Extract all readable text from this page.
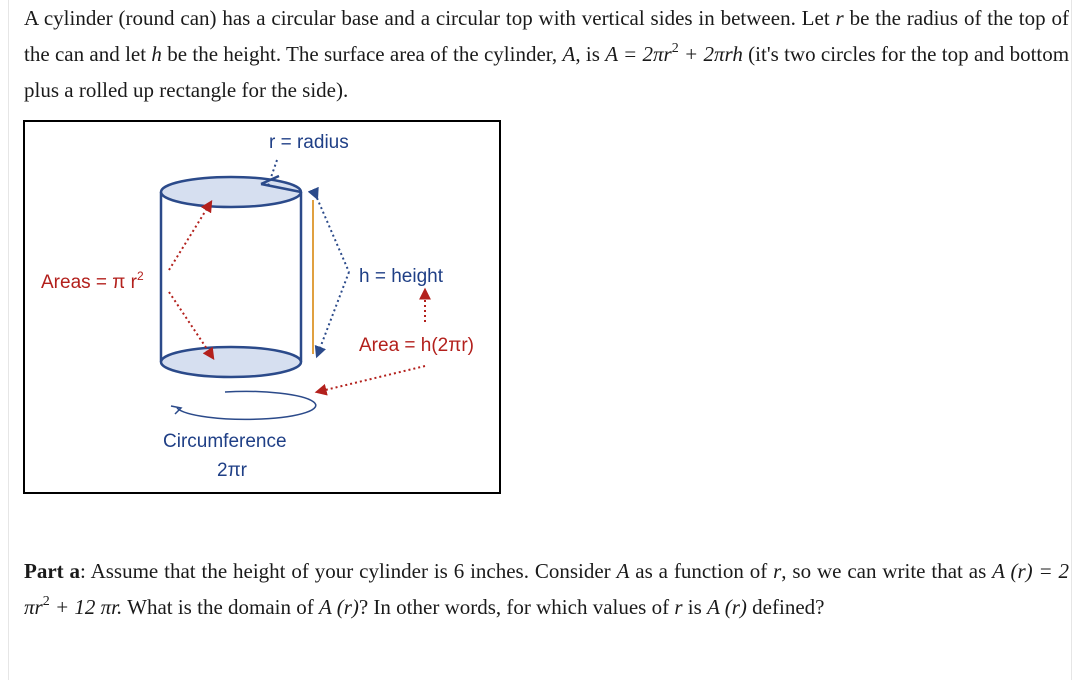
A cylinder (round can) has a circular base and a circular top with vertical sides in between. Let r be the radius of the top of the can and let h be the height. The surface area of the cylinder, A, is $A = 2\pi r^2 + 2\pi rh$ (it's two circles for the top and bottom plus a rolled up rectangle for the side).
r = radius
Areas = π $r^2$	h = height
Area = h(2πr)
Circumference
2πr
Part a: Assume that the height of your cylinder is 6 inches. Consider A as a function of r, so we can write that as A (r) = 2 $\pi r^2 + 12$ πr. What is the domain of A (r)? In other words, for which values of r is A (r) defined?
